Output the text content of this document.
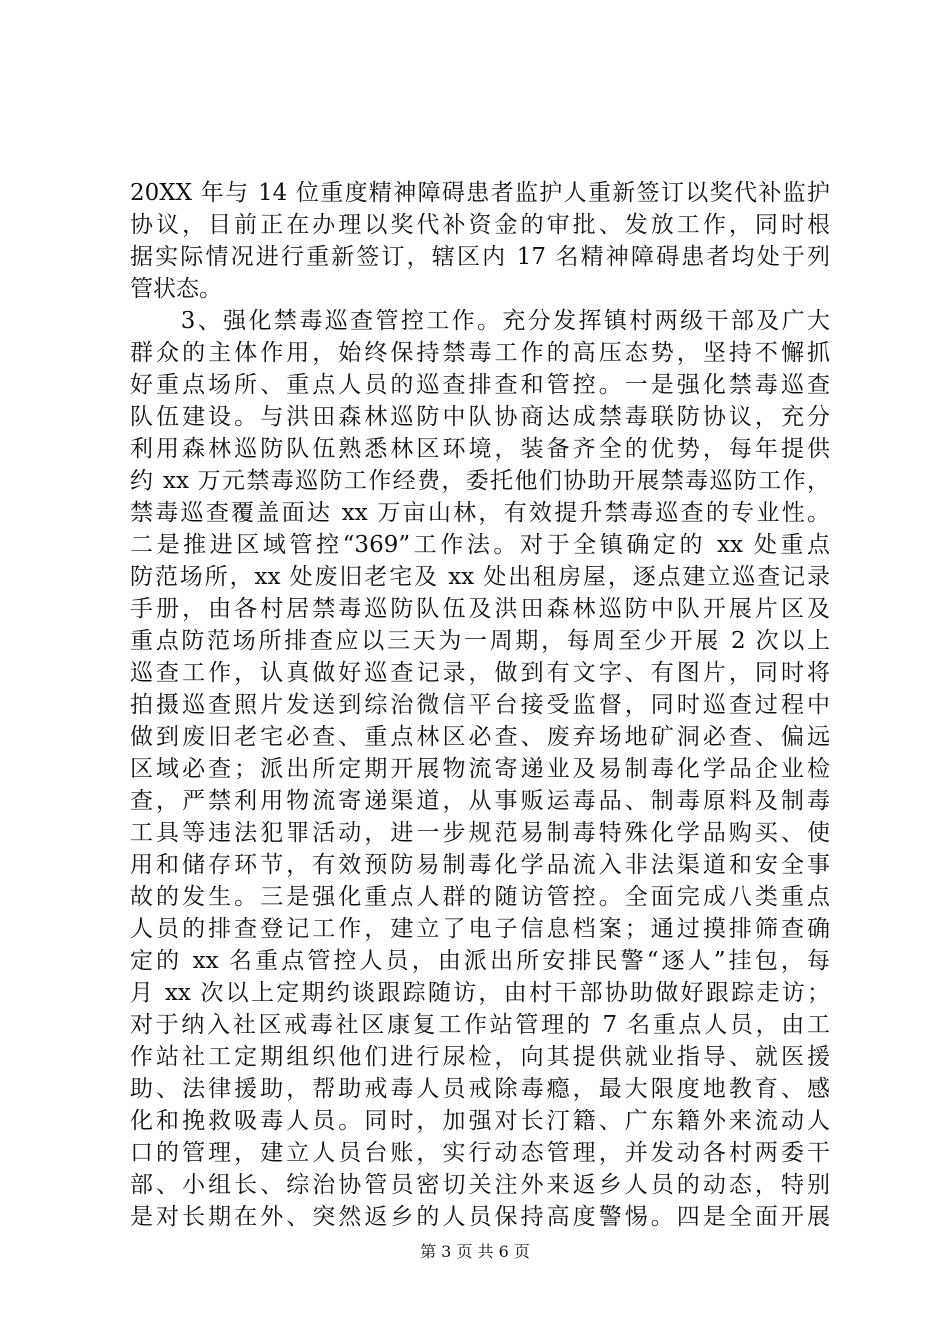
20XX 年与 14 位重度精神障碍患者监护人重新签订以奖代补监护
协议，目前正在办理以奖代补资金的审批、发放工作，同时根
据实际情况进行重新签订，辖区内 17 名精神障碍患者均处于列
管状态。
　　3、强化禁毒巡查管控工作。充分发挥镇村两级干部及广大
群众的主体作用，始终保持禁毒工作的高压态势，坚持不懈抓
好重点场所、重点人员的巡查排查和管控。一是强化禁毒巡查
队伍建设。与洪田森林巡防中队协商达成禁毒联防协议，充分
利用森林巡防队伍熟悉林区环境，装备齐全的优势，每年提供
约 xx 万元禁毒巡防工作经费，委托他们协助开展禁毒巡防工作，
禁毒巡查覆盖面达 xx 万亩山林，有效提升禁毒巡查的专业性。
二是推进区域管控“369”工作法。对于全镇确定的 xx 处重点
防范场所，xx 处废旧老宅及 xx 处出租房屋，逐点建立巡查记录
手册，由各村居禁毒巡防队伍及洪田森林巡防中队开展片区及
重点防范场所排查应以三天为一周期，每周至少开展 2 次以上
巡查工作，认真做好巡查记录，做到有文字、有图片，同时将
拍摄巡查照片发送到综治微信平台接受监督，同时巡查过程中
做到废旧老宅必查、重点林区必查、废弃场地矿洞必查、偏远
区域必查；派出所定期开展物流寄递业及易制毒化学品企业检
查，严禁利用物流寄递渠道，从事贩运毒品、制毒原料及制毒
工具等违法犯罪活动，进一步规范易制毒特殊化学品购买、使
用和储存环节，有效预防易制毒化学品流入非法渠道和安全事
故的发生。三是强化重点人群的随访管控。全面完成八类重点
人员的排查登记工作，建立了电子信息档案；通过摸排筛查确
定的 xx 名重点管控人员，由派出所安排民警“逐人”挂包，每
月 xx 次以上定期约谈跟踪随访，由村干部协助做好跟踪走访；
对于纳入社区戒毒社区康复工作站管理的 7 名重点人员，由工
作站社工定期组织他们进行尿检，向其提供就业指导、就医援
助、法律援助，帮助戒毒人员戒除毒瘾，最大限度地教育、感
化和挽救吸毒人员。同时，加强对长汀籍、广东籍外来流动人
口的管理，建立人员台账，实行动态管理，并发动各村两委干
部、小组长、综治协管员密切关注外来返乡人员的动态，特别
是对长期在外、突然返乡的人员保持高度警惕。四是全面开展
第 3 页 共 6 页
